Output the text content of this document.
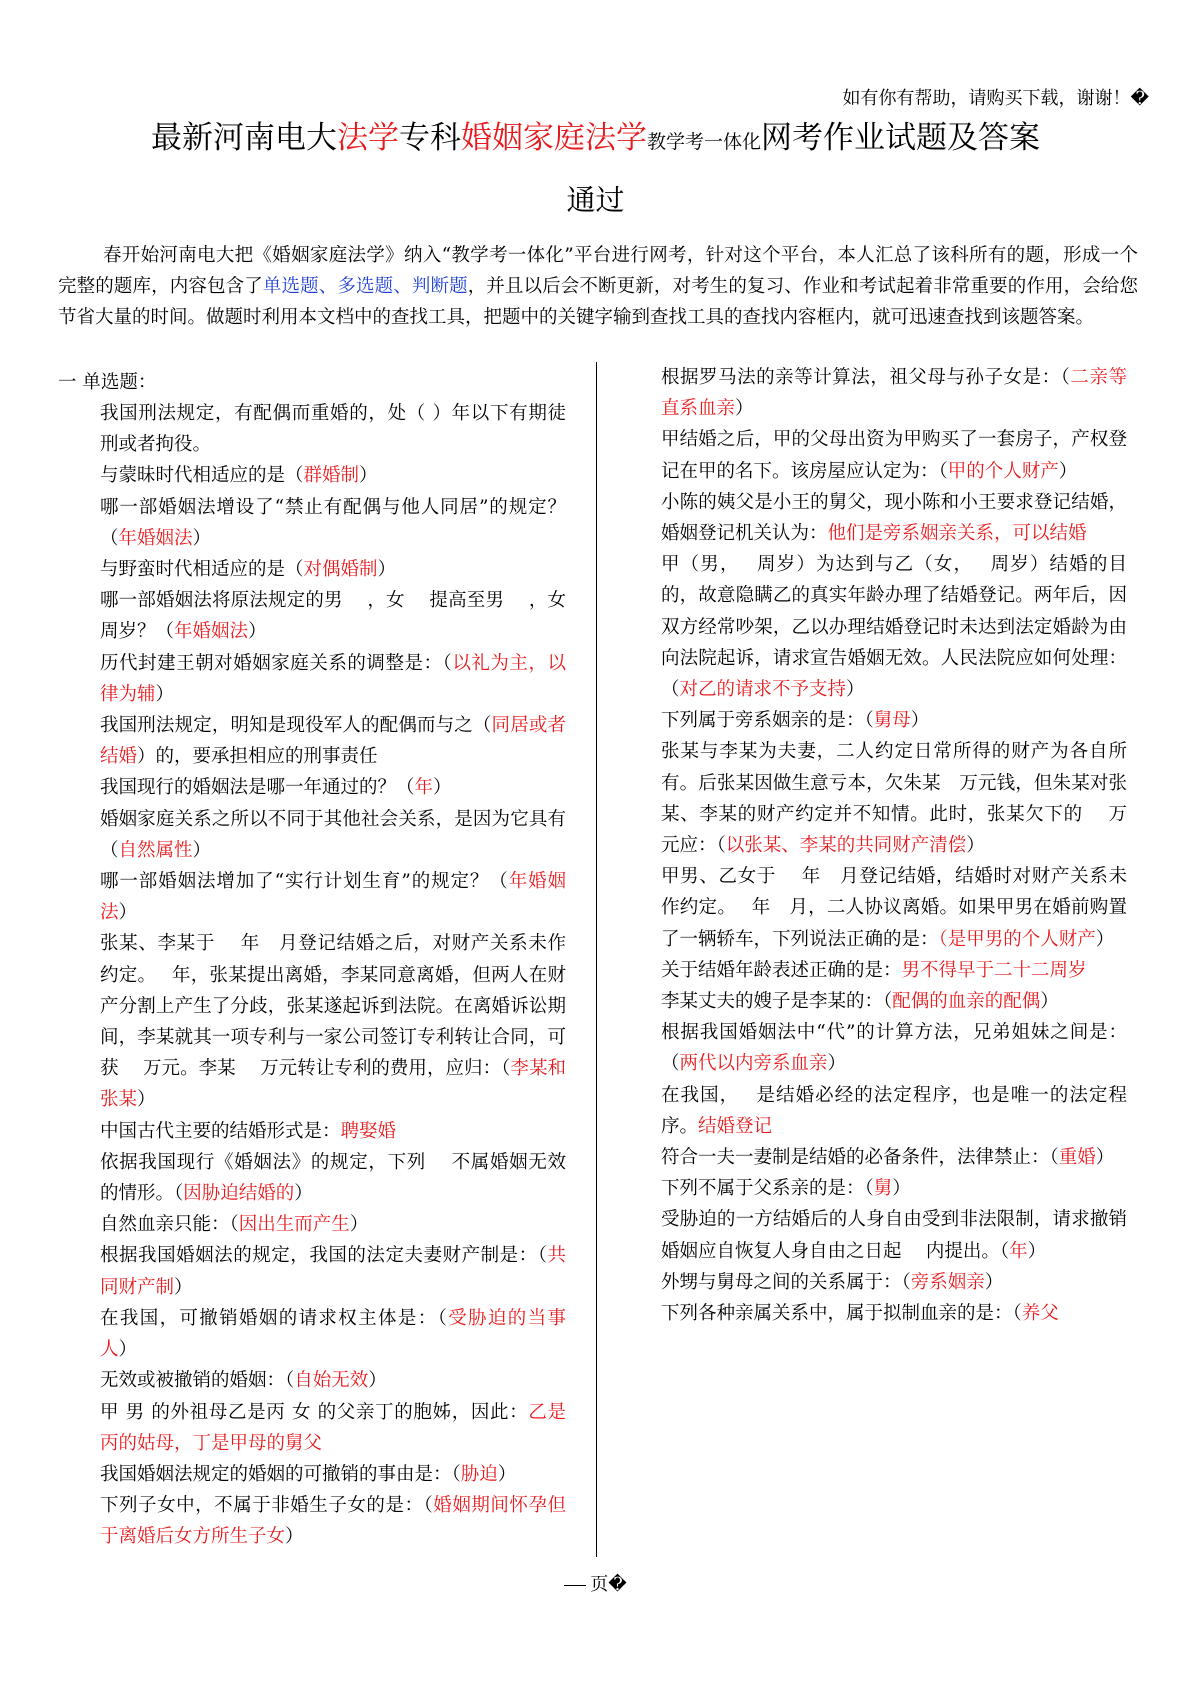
如有你有帮助，请购买下载，谢谢！�
最新河南电大法学专科婚姻家庭法学教学考一体化网考作业试题及答案
通过
春开始河南电大把《婚姻家庭法学》纳入“教学考一体化”平台进行网考，针对这个平台，本人汇总了该科所有的题，形成一个完整的题库，内容包含了单选题、多选题、判断题，并且以后会不断更新，对考生的复习、作业和考试起着非常重要的作用，会给您节省大量的时间。做题时利用本文档中的查找工具，把题中的关键字输到查找工具的查找内容框内，就可迅速查找到该题答案。
一 单选题：

我国刑法规定，有配偶而重婚的，处（ ）年以下有期徒刑或者拘役。

与蒙昧时代相适应的是（群婚制）

哪一部婚姻法增设了“禁止有配偶与他人同居”的规定？（年婚姻法）

与野蛮时代相适应的是（对偶婚制）

哪一部婚姻法将原法规定的男　 ，女　 提高至男　 ，女　 周岁？（年婚姻法）

历代封建王朝对婚姻家庭关系的调整是：（以礼为主，以律为辅）

我国刑法规定，明知是现役军人的配偶而与之（同居或者结婚）的，要承担相应的刑事责任

我国现行的婚姻法是哪一年通过的？（年）

婚姻家庭关系之所以不同于其他社会关系，是因为它具有（自然属性）

哪一部婚姻法增加了“实行计划生育”的规定？（年婚姻法）

张某、李某于　 年　月登记结婚之后，对财产关系未作约定。　 年，张某提出离婚，李某同意离婚，但两人在财产分割上产生了分歧，张某遂起诉到法院。在离婚诉讼期间，李某就其一项专利与一家公司签订专利转让合同，可获　 万元。李某　 万元转让专利的费用，应归：（李某和张某）

中国古代主要的结婚形式是：聘娶婚

依据我国现行《婚姻法》的规定，下列　 不属婚姻无效的情形。（因胁迫结婚的）

自然血亲只能：（因出生而产生）

根据我国婚姻法的规定，我国的法定夫妻财产制是：（共同财产制）

在我国，可撤销婚姻的请求权主体是：（受胁迫的当事人）

无效或被撤销的婚姻：（自始无效）

甲 男 的外祖母乙是丙 女 的父亲丁的胞姊，因此：乙是丙的姑母，丁是甲母的舅父

我国婚姻法规定的婚姻的可撤销的事由是：（胁迫）

下列子女中，不属于非婚生子女的是：（婚姻期间怀孕但于离婚后女方所生子女）

根据罗马法的亲等计算法，祖父母与孙子女是：（二亲等直系血亲）

甲结婚之后，甲的父母出资为甲购买了一套房子，产权登记在甲的名下。该房屋应认定为：（甲的个人财产）

小陈的姨父是小王的舅父，现小陈和小王要求登记结婚，婚姻登记机关认为：他们是旁系姻亲关系，可以结婚

甲（男，　 周岁）为达到与乙（女，　 周岁）结婚的目的，故意隐瞒乙的真实年龄办理了结婚登记。两年后，因双方经常吵架，乙以办理结婚登记时未达到法定婚龄为由向法院起诉，请求宣告婚姻无效。人民法院应如何处理：（对乙的请求不予支持）

下列属于旁系姻亲的是：（舅母）

张某与李某为夫妻，二人约定日常所得的财产为各自所有。后张某因做生意亏本，欠朱某　万元钱，但朱某对张某、李某的财产约定并不知情。此时，张某欠下的　 万元应：（以张某、李某的共同财产清偿）

甲男、乙女于　 年　月登记结婚，结婚时对财产关系未作约定。　 年　月，二人协议离婚。如果甲男在婚前购置了一辆轿车，下列说法正确的是：（是甲男的个人财产）

关于结婚年龄表述正确的是：男不得早于二十二周岁

李某丈夫的嫂子是李某的：（配偶的血亲的配偶）

根据我国婚姻法中“代”的计算方法，兄弟姐妹之间是：（两代以内旁系血亲）

在我国，　 是结婚必经的法定程序，也是唯一的法定程序。结婚登记

符合一夫一妻制是结婚的必备条件，法律禁止：（重婚）

下列不属于父系亲的是：（舅）

受胁迫的一方结婚后的人身自由受到非法限制，请求撤销婚姻应自恢复人身自由之日起　 内提出。（年）

外甥与舅母之间的关系属于：（旁系姻亲）

下列各种亲属关系中，属于拟制血亲的是：（养父

页�
